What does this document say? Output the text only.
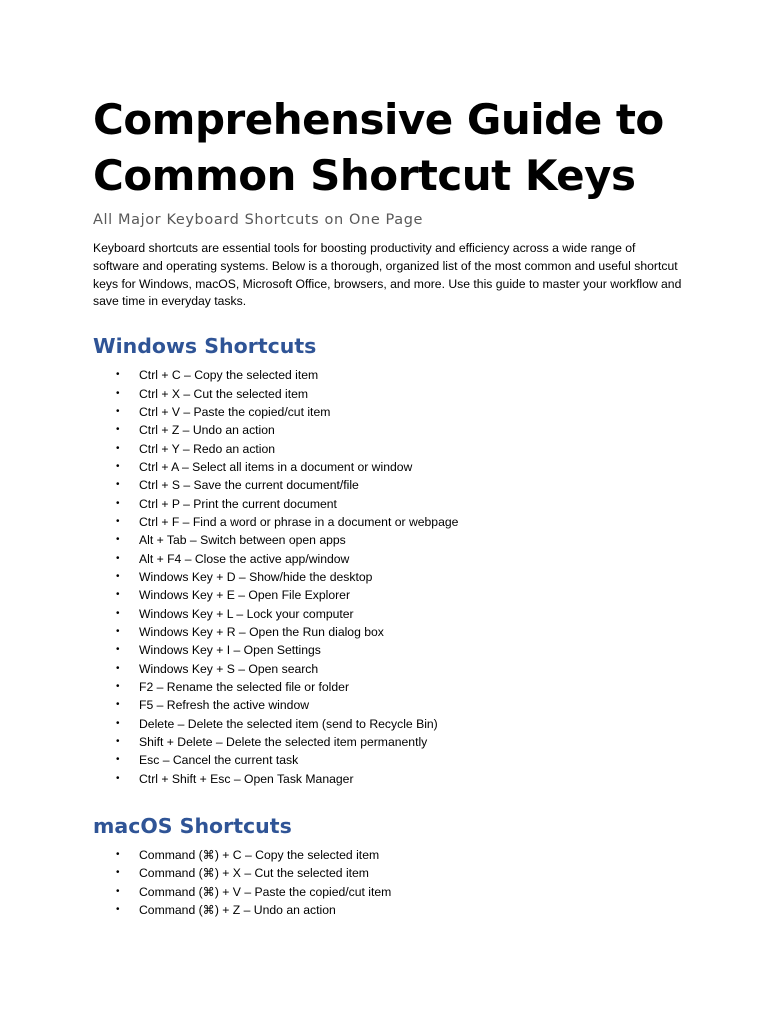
Comprehensive Guide to
Common Shortcut Keys

All Major Keyboard Shortcuts on One Page

Keyboard shortcuts are essential tools for boosting productivity and efficiency across a wide range of software and operating systems. Below is a thorough, organized list of the most common and useful shortcut keys for Windows, macOS, Microsoft Office, browsers, and more. Use this guide to master your workflow and save time in everyday tasks.

Windows Shortcuts
• Ctrl + C – Copy the selected item
• Ctrl + X – Cut the selected item
• Ctrl + V – Paste the copied/cut item
• Ctrl + Z – Undo an action
• Ctrl + Y – Redo an action
• Ctrl + A – Select all items in a document or window
• Ctrl + S – Save the current document/file
• Ctrl + P – Print the current document
• Ctrl + F – Find a word or phrase in a document or webpage
• Alt + Tab – Switch between open apps
• Alt + F4 – Close the active app/window
• Windows Key + D – Show/hide the desktop
• Windows Key + E – Open File Explorer
• Windows Key + L – Lock your computer
• Windows Key + R – Open the Run dialog box
• Windows Key + I – Open Settings
• Windows Key + S – Open search
• F2 – Rename the selected file or folder
• F5 – Refresh the active window
• Delete – Delete the selected item (send to Recycle Bin)
• Shift + Delete – Delete the selected item permanently
• Esc – Cancel the current task
• Ctrl + Shift + Esc – Open Task Manager
macOS Shortcuts
• Command (⌘) + C – Copy the selected item
• Command (⌘) + X – Cut the selected item
• Command (⌘) + V – Paste the copied/cut item
• Command (⌘) + Z – Undo an action
